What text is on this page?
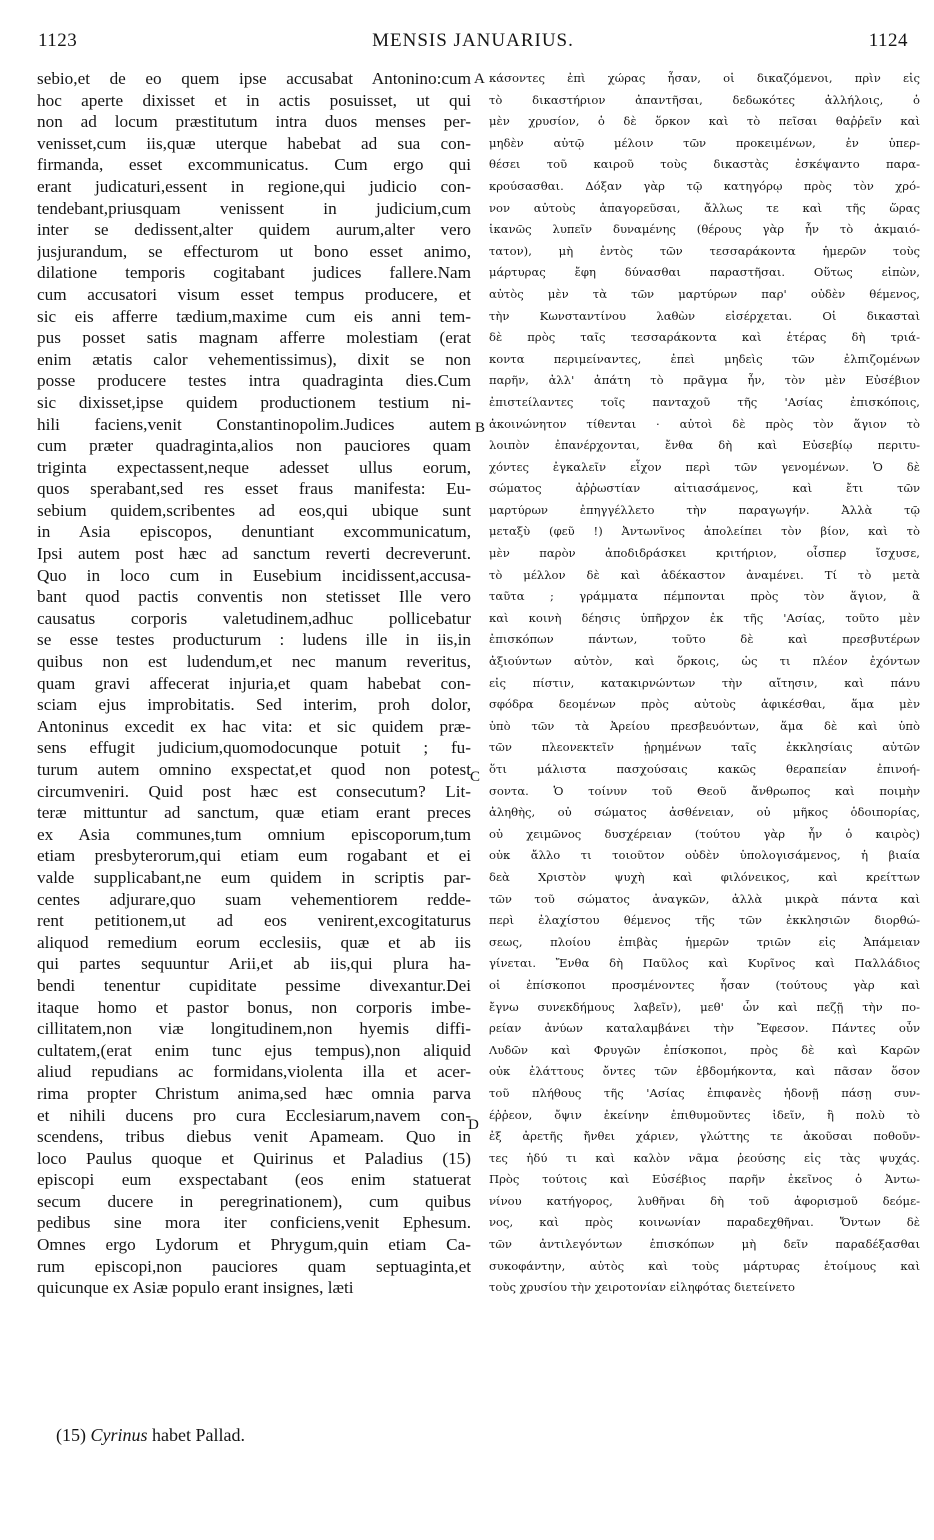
1123	MENSIS JANUARIUS.	1124
sebio,et de eo quem ipse accusabat Antonino:cum
hoc aperte dixisset et in actis posuisset, ut qui
non ad locum præstitutum intra duos menses per-
venisset,cum iis,quæ uterque habebat ad sua con-
firmanda, esset excommunicatus. Cum ergo qui
erant judicaturi,essent in regione,qui judicio con-
tendebant,priusquam venissent in judicium,cum
inter se dedissent,alter quidem aurum,alter vero
jusjurandum, se effecturom ut bono esset animo,
dilatione temporis cogitabant judices fallere.Nam
cum accusatori visum esset tempus producere, et
sic eis afferre tædium,maxime cum eis anni tem-
pus posset satis magnam afferre molestiam (erat
enim ætatis calor vehementissimus), dixit se non
posse producere testes intra quadraginta dies.Cum
sic dixisset,ipse quidem productionem testium ni-
hili faciens,venit Constantinopolim.Judices autem
cum præter quadraginta,alios non pauciores quam
triginta expectassent,neque adesset ullus eorum,
quos sperabant,sed res esset fraus manifesta: Eu-
sebium quidem,scribentes ad eos,qui ubique sunt
in Asia episcopos, denuntiant excommunicatum,
Ipsi autem post hæc ad sanctum reverti decreverunt.
Quo in loco cum in Eusebium incidissent,accusa-
bant quod pactis conventis non stetisset Ille vero
causatus corporis valetudinem,adhuc pollicebatur
se esse testes producturum : ludens ille in iis,in
quibus non est ludendum,et nec manum reveritus,
quam gravi affecerat injuria,et quam habebat con-
sciam ejus improbitatis. Sed interim, proh dolor,
Antoninus excedit ex hac vita: et sic quidem præ-
sens effugit judicium,quomodocunque potuit ; fu-
turum autem omnino exspectat,et quod non potest
circumveniri. Quid post hæc est consecutum? Lit-
teræ mittuntur ad sanctum, quæ etiam erant preces
ex Asia communes,tum omnium episcoporum,tum
etiam presbyterorum,qui etiam eum rogabant et ei
valde supplicabant,ne eum quidem in scriptis par-
centes adjurare,quo suam vehementiorem redde-
rent petitionem,ut ad eos venirent,excogitaturus
aliquod remedium eorum ecclesiis, quæ et ab iis
qui partes sequuntur Arii,et ab iis,qui plura ha-
bendi tenentur cupiditate pessime divexantur.Dei
itaque homo et pastor bonus, non corporis imbe-
cillitatem,non viæ longitudinem,non hyemis diffi-
cultatem,(erat enim tunc ejus tempus),non aliquid
aliud repudians ac formidans,violenta illa et acer-
rima propter Christum anima,sed hæc omnia parva
et nihili ducens pro cura Ecclesiarum,navem con-
scendens, tribus diebus venit Apameam. Quo in
loco Paulus quoque et Quirinus et Paladius (15)
episcopi eum exspectabant (eos enim statuerat
secum ducere in peregrinationem), cum quibus
pedibus sine mora iter conficiens,venit Ephesum.
Omnes ergo Lydorum et Phrygum,quin etiam Ca-
rum episcopi,non pauciores quam septuaginta,et
quicunque ex Asiæ populo erant insignes, læti
κάσοντες ἐπὶ χώρας ἦσαν, οἱ δικαζόμενοι, πρὶν εἰς
τὸ δικαστήριον ἀπαντῆσαι, δεδωκότες ἀλλήλοις, ὁ
μὲν χρυσίον, ὁ δὲ ὅρκον καὶ τὸ πεῖσαι θαῤῥεῖν καὶ
μηδὲν αὐτῷ μέλοιν τῶν προκειμένων, ἐν ὑπερ-
θέσει τοῦ καιροῦ τοὺς δικαστὰς ἐσκέψαντο παρα-
κρούσασθαι. Δόξαν γὰρ τῷ κατηγόρῳ πρὸς τὸν χρό-
νον αὐτοὺς ἀπαγορεῦσαι, ἄλλως τε καὶ τῆς ὥρας
ἱκανῶς λυπεῖν δυναμένης (θέρους γὰρ ἦν τὸ ἀκμαιό-
τατον), μὴ ἐντὸς τῶν τεσσαράκοντα ἡμερῶν τοὺς
μάρτυρας ἔφη δύνασθαι παραστῆσαι. Οὕτως εἰπὼν,
αὐτὸς μὲν τὰ τῶν μαρτύρων παρ' οὐδὲν θέμενος,
τὴν Κωνσταντίνου λαθὼν εἰσέρχεται. Οἱ δικασταὶ
δὲ πρὸς ταῖς τεσσαράκοντα καὶ ἑτέρας δὴ τριά-
κοντα περιμείναντες, ἐπεὶ μηδεὶς τῶν ἐλπιζομένων
παρῆν, ἀλλ' ἀπάτη τὸ πρᾶγμα ἦν, τὸν μὲν Εὐσέβιον
ἐπιστείλαντες τοῖς πανταχοῦ τῆς 'Ασίας ἐπισκόποις,
ἀκοινώνητον τίθενται · αὐτοὶ δὲ πρὸς τὸν ἅγιον τὸ
λοιπὸν ἐπανέρχονται, ἔνθα δὴ καὶ Εὐσεβίῳ περιτυ-
χόντες ἐγκαλεῖν εἶχον περὶ τῶν γενομένων. Ὁ δὲ
σώματος ἀῤῥωστίαν αἰτιασάμενος, καὶ ἔτι τῶν
μαρτύρων ἐπηγγέλλετο τὴν παραγωγήν. Ἀλλὰ τῷ
μεταξὺ (φεῦ !) Ἀντωνῖνος ἀπολείπει τὸν βίον, καὶ τὸ
μὲν παρὸν ἀποδιδράσκει κριτήριον, οἷσπερ ἴσχυσε,
τὸ μέλλον δὲ καὶ ἀδέκαστον ἀναμένει. Τί τὸ μετὰ
ταῦτα ; γράμματα πέμπονται πρὸς τὸν ἅγιον, ἃ
καὶ κοινὴ δέησις ὑπῆρχον ἐκ τῆς 'Ασίας, τοῦτο μὲν
ἐπισκόπων πάντων, τοῦτο δὲ καὶ πρεσβυτέρων
ἀξιούντων αὐτὸν, καὶ ὅρκοις, ὡς τι πλέον ἐχόντων
εἰς πίστιν, κατακιρνώντων τὴν αἴτησιν, καὶ πάνυ
σφόδρα δεομένων πρὸς αὐτοὺς ἀφικέσθαι, ἅμα μὲν
ὑπὸ τῶν τὰ Ἀρείου πρεσβευόντων, ἅμα δὲ καὶ ὑπὸ
τῶν πλεονεκτεῖν ᾑρημένων ταῖς ἐκκλησίαις αὐτῶν
ὅτι μάλιστα πασχούσαις κακῶς θεραπείαν ἐπινοή-
σοντα. Ὁ τοίνυν τοῦ Θεοῦ ἄνθρωπος καὶ ποιμὴν
ἀληθὴς, οὐ σώματος ἀσθένειαν, οὐ μῆκος ὁδοιπορίας,
οὐ χειμῶνος δυσχέρειαν (τούτου γὰρ ἦν ὁ καιρὸς)
οὐκ ἄλλο τι τοιοῦτον οὐδὲν ὑπολογισάμενος, ἡ βιαία
δεὰ Χριστὸν ψυχὴ καὶ φιλόνεικος, καὶ κρείττων
τῶν τοῦ σώματος ἀναγκῶν, ἀλλὰ μικρὰ πάντα καὶ
περὶ ἐλαχίστου θέμενος τῆς τῶν ἐκκλησιῶν διορθώ-
σεως, πλοίου ἐπιβὰς ἡμερῶν τριῶν εἰς Ἀπάμειαν
γίνεται. Ἔνθα δὴ Παῦλος καὶ Κυρῖνος καὶ Παλλάδιος
οἱ ἐπίσκοποι προσμένοντες ἦσαν (τούτους γὰρ καὶ
ἔγνω συνεκδήμους λαβεῖν), μεθ' ὧν καὶ πεζῇ τὴν πο-
ρείαν ἀνύων καταλαμβάνει τὴν Ἔφεσον. Πάντες οὖν
Λυδῶν καὶ Φρυγῶν ἐπίσκοποι, πρὸς δὲ καὶ Καρῶν
οὐκ ἐλάττους ὄντες τῶν ἑβδομήκοντα, καὶ πᾶσαν ὅσον
τοῦ πλήθους τῆς 'Ασίας ἐπιφανὲς ἡδονῇ πάσῃ συν-
έῤῥεον, ὄψιν ἐκείνην ἐπιθυμοῦντες ἰδεῖν, ἢ πολὺ τὸ
ἐξ ἀρετῆς ἤνθει χάριεν, γλώττης τε ἀκοῦσαι ποθοῦν-
τες ἡδύ τι καὶ καλὸν νᾶμα ῥεούσης εἰς τὰς ψυχάς.
Πρὸς τούτοις καὶ Εὐσέβιος παρῆν ἐκεῖνος ὁ Ἀντω-
νίνου κατήγορος, λυθῆναι δὴ τοῦ ἀφορισμοῦ δεόμε-
νος, καὶ πρὸς κοινωνίαν παραδεχθῆναι. Ὄντων δὲ
τῶν ἀντιλεγόντων ἐπισκόπων μὴ δεῖν παραδέξασθαι
συκοφάντην, αὐτὸς καὶ τοὺς μάρτυρας ἑτοίμους καὶ
τοὺς χρυσίου τὴν χειροτονίαν εἰληφότας διετείνετο
A
B
C
D
(15) Cyrinus habet Pallad.
